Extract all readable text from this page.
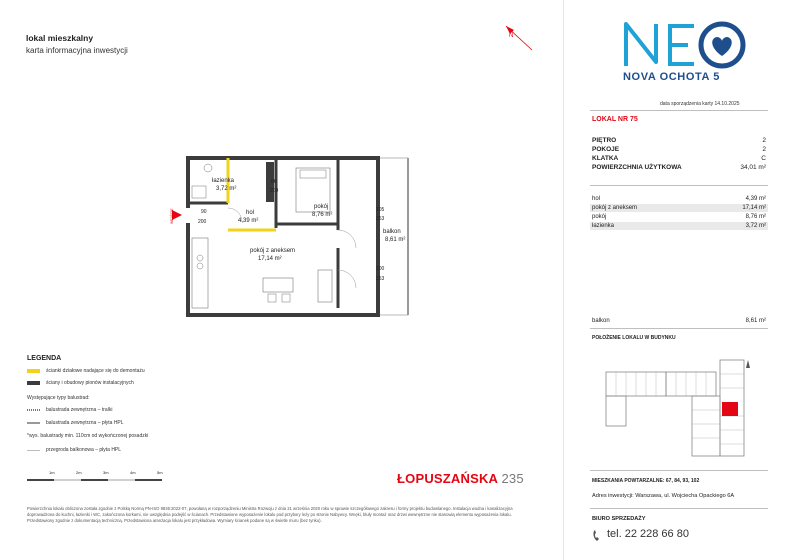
lokal mieszkalny
karta informacyjna inwestycji
N
łazienka
3,72 m²
hol
4,39 m²
pokój
8,76 m²
pokój z aneksem
17,14 m²
balkon
8,61 m²
90
200
80
200
105
253
200
253
WEJŚCIE
LEGENDA
ścianki działowe nadające się do demontażu
ściany i obudowy pionów instalacyjnych
Występujące typy balustrad:
balustrada zewnętrzna – tralki
balustrada zewnętrzna – płyta HPL
*wys. balustrady min. 110cm od wykończonej posadzki
przegroda balkonowa – płyta HPL
1m	2m	3m	4m	5m	ŁOPUSZAŃSKA 235
Powierzchnia lokalu obliczona została zgodnie z Polską Normą PN-ISO 9836:2022-07, powołaną w rozporządzeniu Ministra Rozwoju z dnia 21 września 2020 roku w sprawie szczegółowego zakresu i formy projektu budowlanego. Instalacja wodna i kanalizacyjna doprowadzona do kuchni, łazienki i WC, zakończona korkami, nie uwzględnia podejść w ścianach. Przedstawione wyposażenie lokalu pod przybory leży po stronie Nabywcy. Wnęki, bluły montaż oraz drzwi wewnętrzne nie stanowią elementu wyposażenia lokalu. Przedstawiony zgodnie z dokumentacją techniczną. Przedstawiona aranżacja lokalu jest przykładowa. Wymiary ścianek podane są w świetle muru (bez tynku).
NOVA OCHOTA 5
data sporządzenia karty 14.10.2025
LOKAL NR 75
PIĘTRO	2
POKOJE	2
KLATKA	C
POWIERZCHNIA UŻYTKOWA	34,01 m²
hol	4,39 m²
pokój z aneksem	17,14 m²
pokój	8,76 m²
łazienka	3,72 m²
balkon	8,61 m²
POŁOŻENIE LOKALU W BUDYNKU
MIESZKANIA POWTARZALNE: 67, 84, 93, 102
Adres inwestycji: Warszawa, ul. Wojciecha Opackiego 6A
BIURO SPRZEDAŻY
tel. 22 228 66 80
